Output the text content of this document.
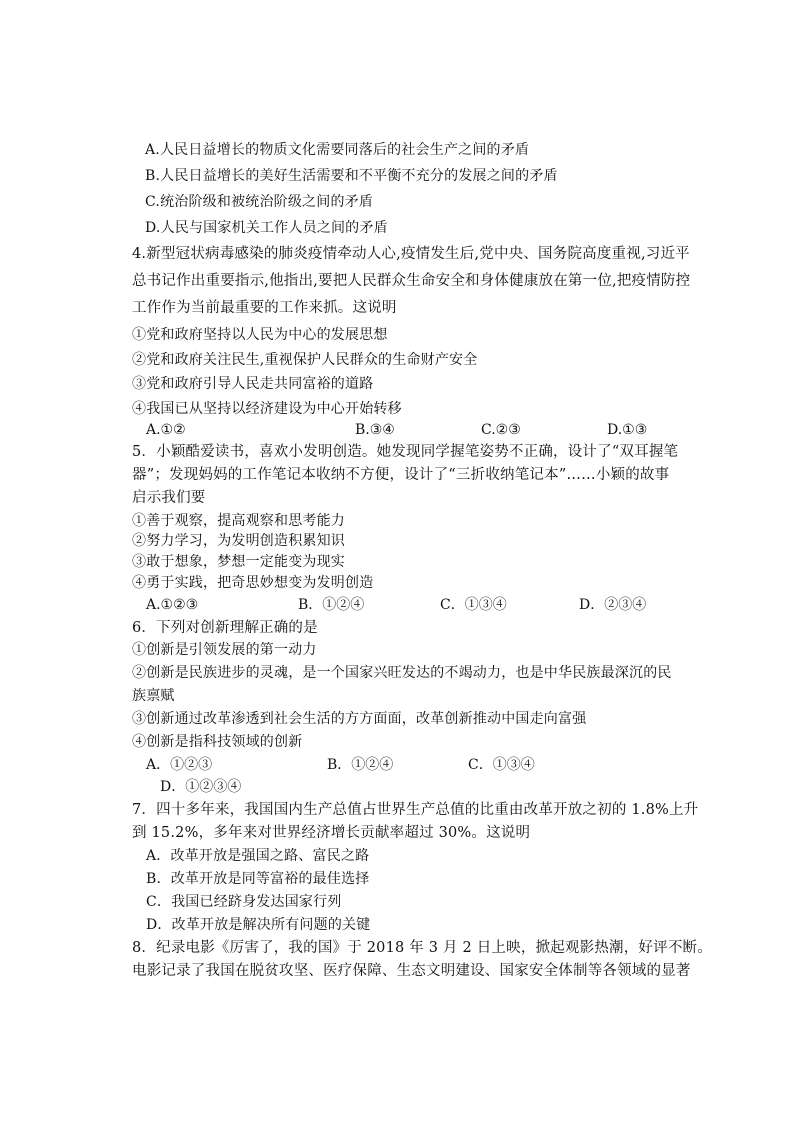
A.人民日益增长的物质文化需要同落后的社会生产之间的矛盾
B.人民日益增长的美好生活需要和不平衡不充分的发展之间的矛盾
C.统治阶级和被统治阶级之间的矛盾
D.人民与国家机关工作人员之间的矛盾
4.新型冠状病毒感染的肺炎疫情牵动人心,疫情发生后,党中央、国务院高度重视,习近平
总书记作出重要指示,他指出,要把人民群众生命安全和身体健康放在第一位,把疫情防控
工作作为当前最重要的工作来抓。这说明
①党和政府坚持以人民为中心的发展思想
②党和政府关注民生,重视保护人民群众的生命财产安全
③党和政府引导人民走共同富裕的道路
④我国已从坚持以经济建设为中心开始转移
A.①②	B.③④	C.②③	D.①③
5．小颖酷爱读书，喜欢小发明创造。她发现同学握笔姿势不正确，设计了“双耳握笔
器”；发现妈妈的工作笔记本收纳不方便，设计了“三折收纳笔记本”……小颖的故事
启示我们要
①善于观察，提高观察和思考能力
②努力学习，为发明创造积累知识
③敢于想象，梦想一定能变为现实
④勇于实践，把奇思妙想变为发明创造
A.①②③	B．①②④	C．①③④	D．②③④
6．下列对创新理解正确的是
①创新是引领发展的第一动力
②创新是民族进步的灵魂，是一个国家兴旺发达的不竭动力，也是中华民族最深沉的民
族禀赋
③创新通过改革渗透到社会生活的方方面面，改革创新推动中国走向富强
④创新是指科技领域的创新
A．①②③	B．①②④	C．①③④
D．①②③④
7．四十多年来，我国国内生产总值占世界生产总值的比重由改革开放之初的 1.8%上升
到 15.2%，多年来对世界经济增长贡献率超过 30%。这说明
A．改革开放是强国之路、富民之路
B．改革开放是同等富裕的最佳选择
C．我国已经跻身发达国家行列
D．改革开放是解决所有问题的关键
8．纪录电影《厉害了，我的国》于 2018 年 3 月 2 日上映，掀起观影热潮，好评不断。
电影记录了我国在脱贫攻坚、医疗保障、生态文明建设、国家安全体制等各领域的显著
